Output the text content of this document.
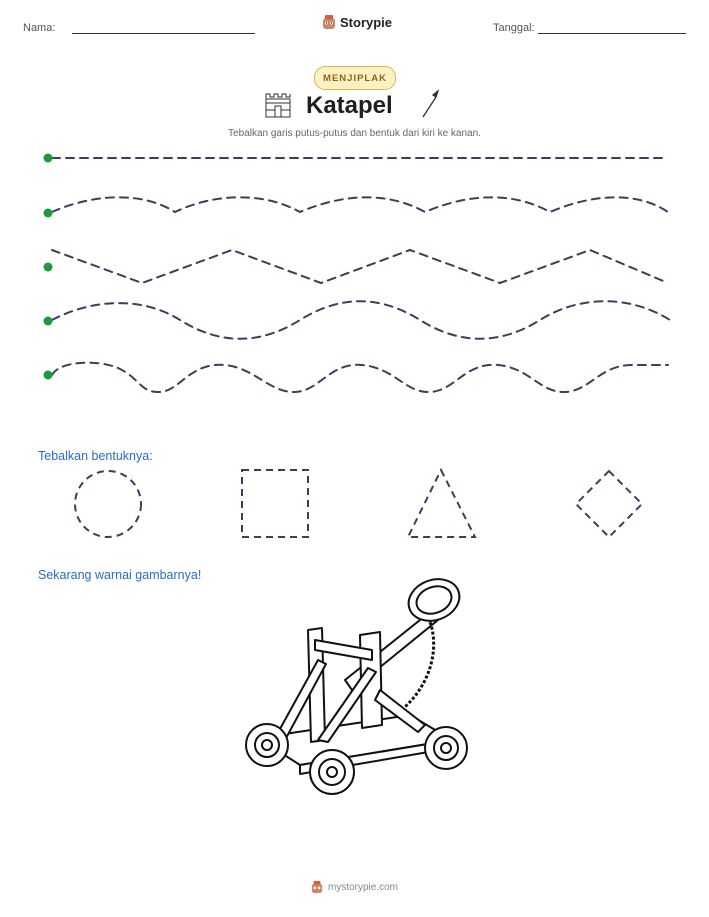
Nama:	Storypie	Tanggal:
MENJIPLAK
Katapel
Tebalkan garis putus-putus dan bentuk dari kiri ke kanan.
Tebalkan bentuknya:
Sekarang warnai gambarnya!
mystorypie.com
